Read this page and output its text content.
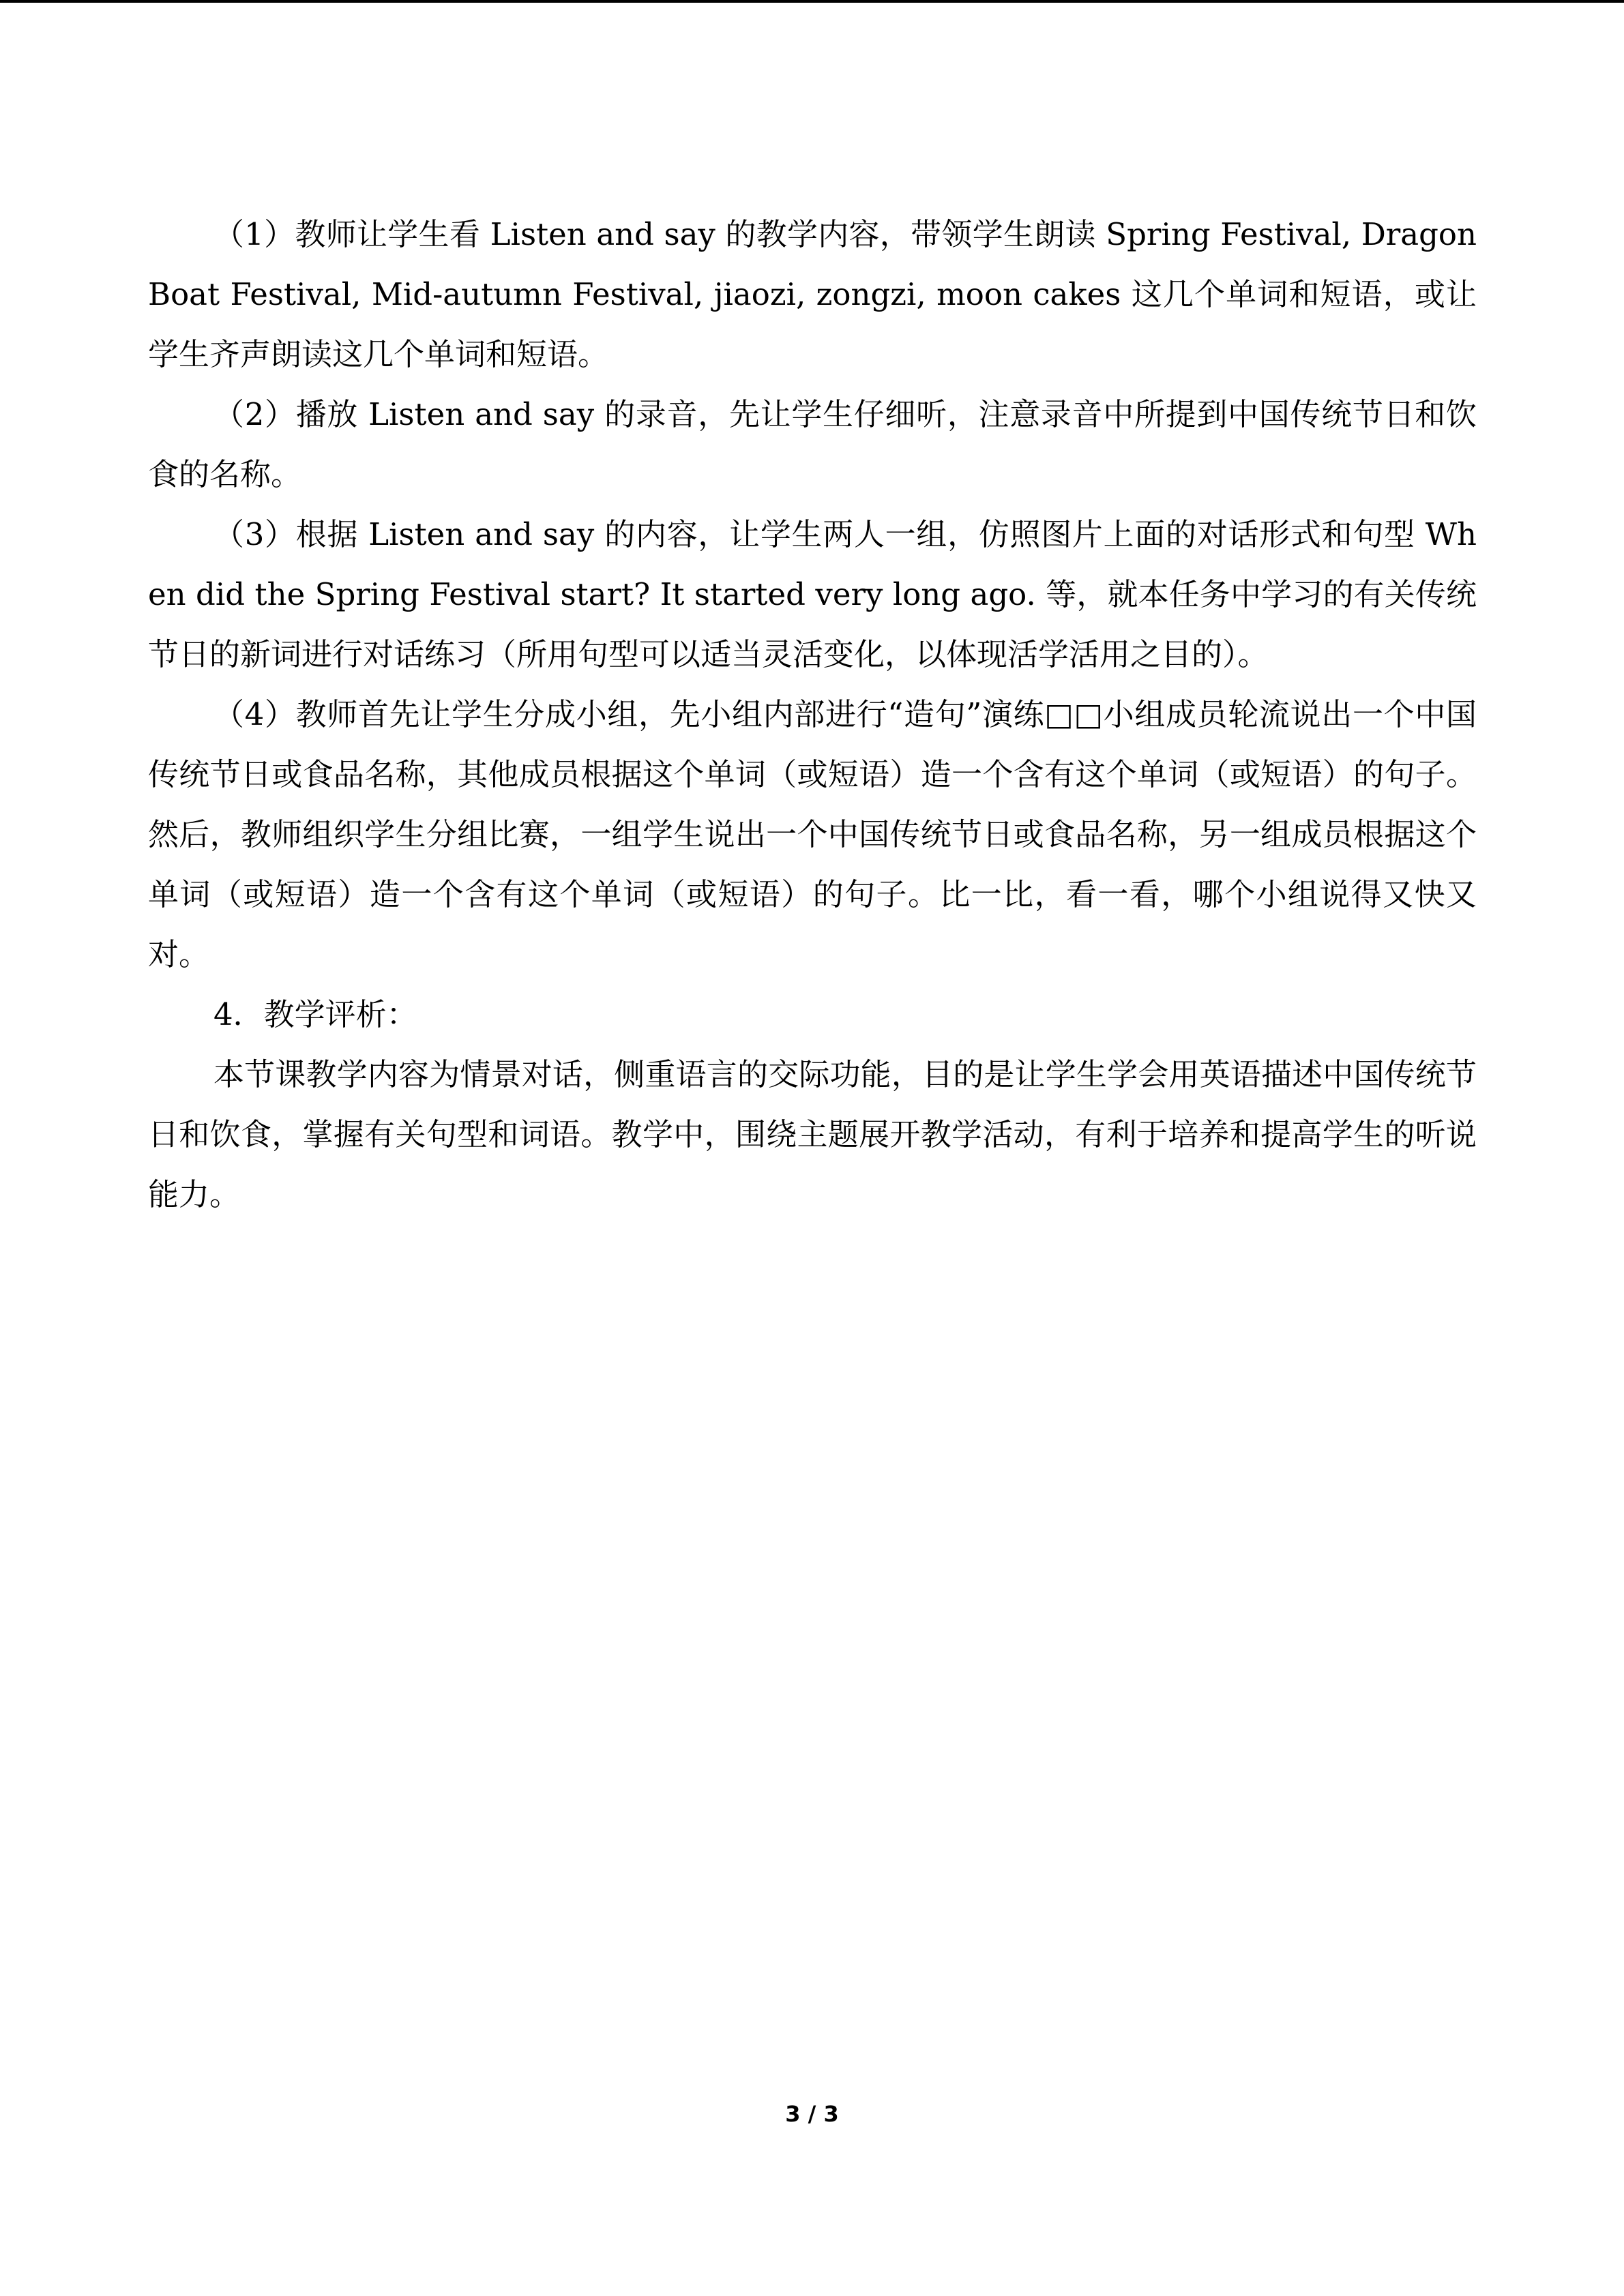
（1）教师让学生看 Listen and say 的教学内容，带领学生朗读 Spring Festival, Dragon Boat Festival, Mid-autumn Festival, jiaozi, zongzi, moon cakes 这几个单词和短语，或让学生齐声朗读这几个单词和短语。

（2）播放 Listen and say 的录音，先让学生仔细听，注意录音中所提到中国传统节日和饮食的名称。

（3）根据 Listen and say 的内容，让学生两人一组，仿照图片上面的对话形式和句型 When did the Spring Festival start? It started very long ago. 等，就本任务中学习的有关传统节日的新词进行对话练习（所用句型可以适当灵活变化，以体现活学活用之目的）。

（4）教师首先让学生分成小组，先小组内部进行“造句”演练□□小组成员轮流说出一个中国传统节日或食品名称，其他成员根据这个单词（或短语）造一个含有这个单词（或短语）的句子。然后，教师组织学生分组比赛，一组学生说出一个中国传统节日或食品名称，另一组成员根据这个单词（或短语）造一个含有这个单词（或短语）的句子。比一比，看一看，哪个小组说得又快又对。

4．教学评析：

本节课教学内容为情景对话，侧重语言的交际功能，目的是让学生学会用英语描述中国传统节日和饮食，掌握有关句型和词语。教学中，围绕主题展开教学活动，有利于培养和提高学生的听说能力。

3 / 3
